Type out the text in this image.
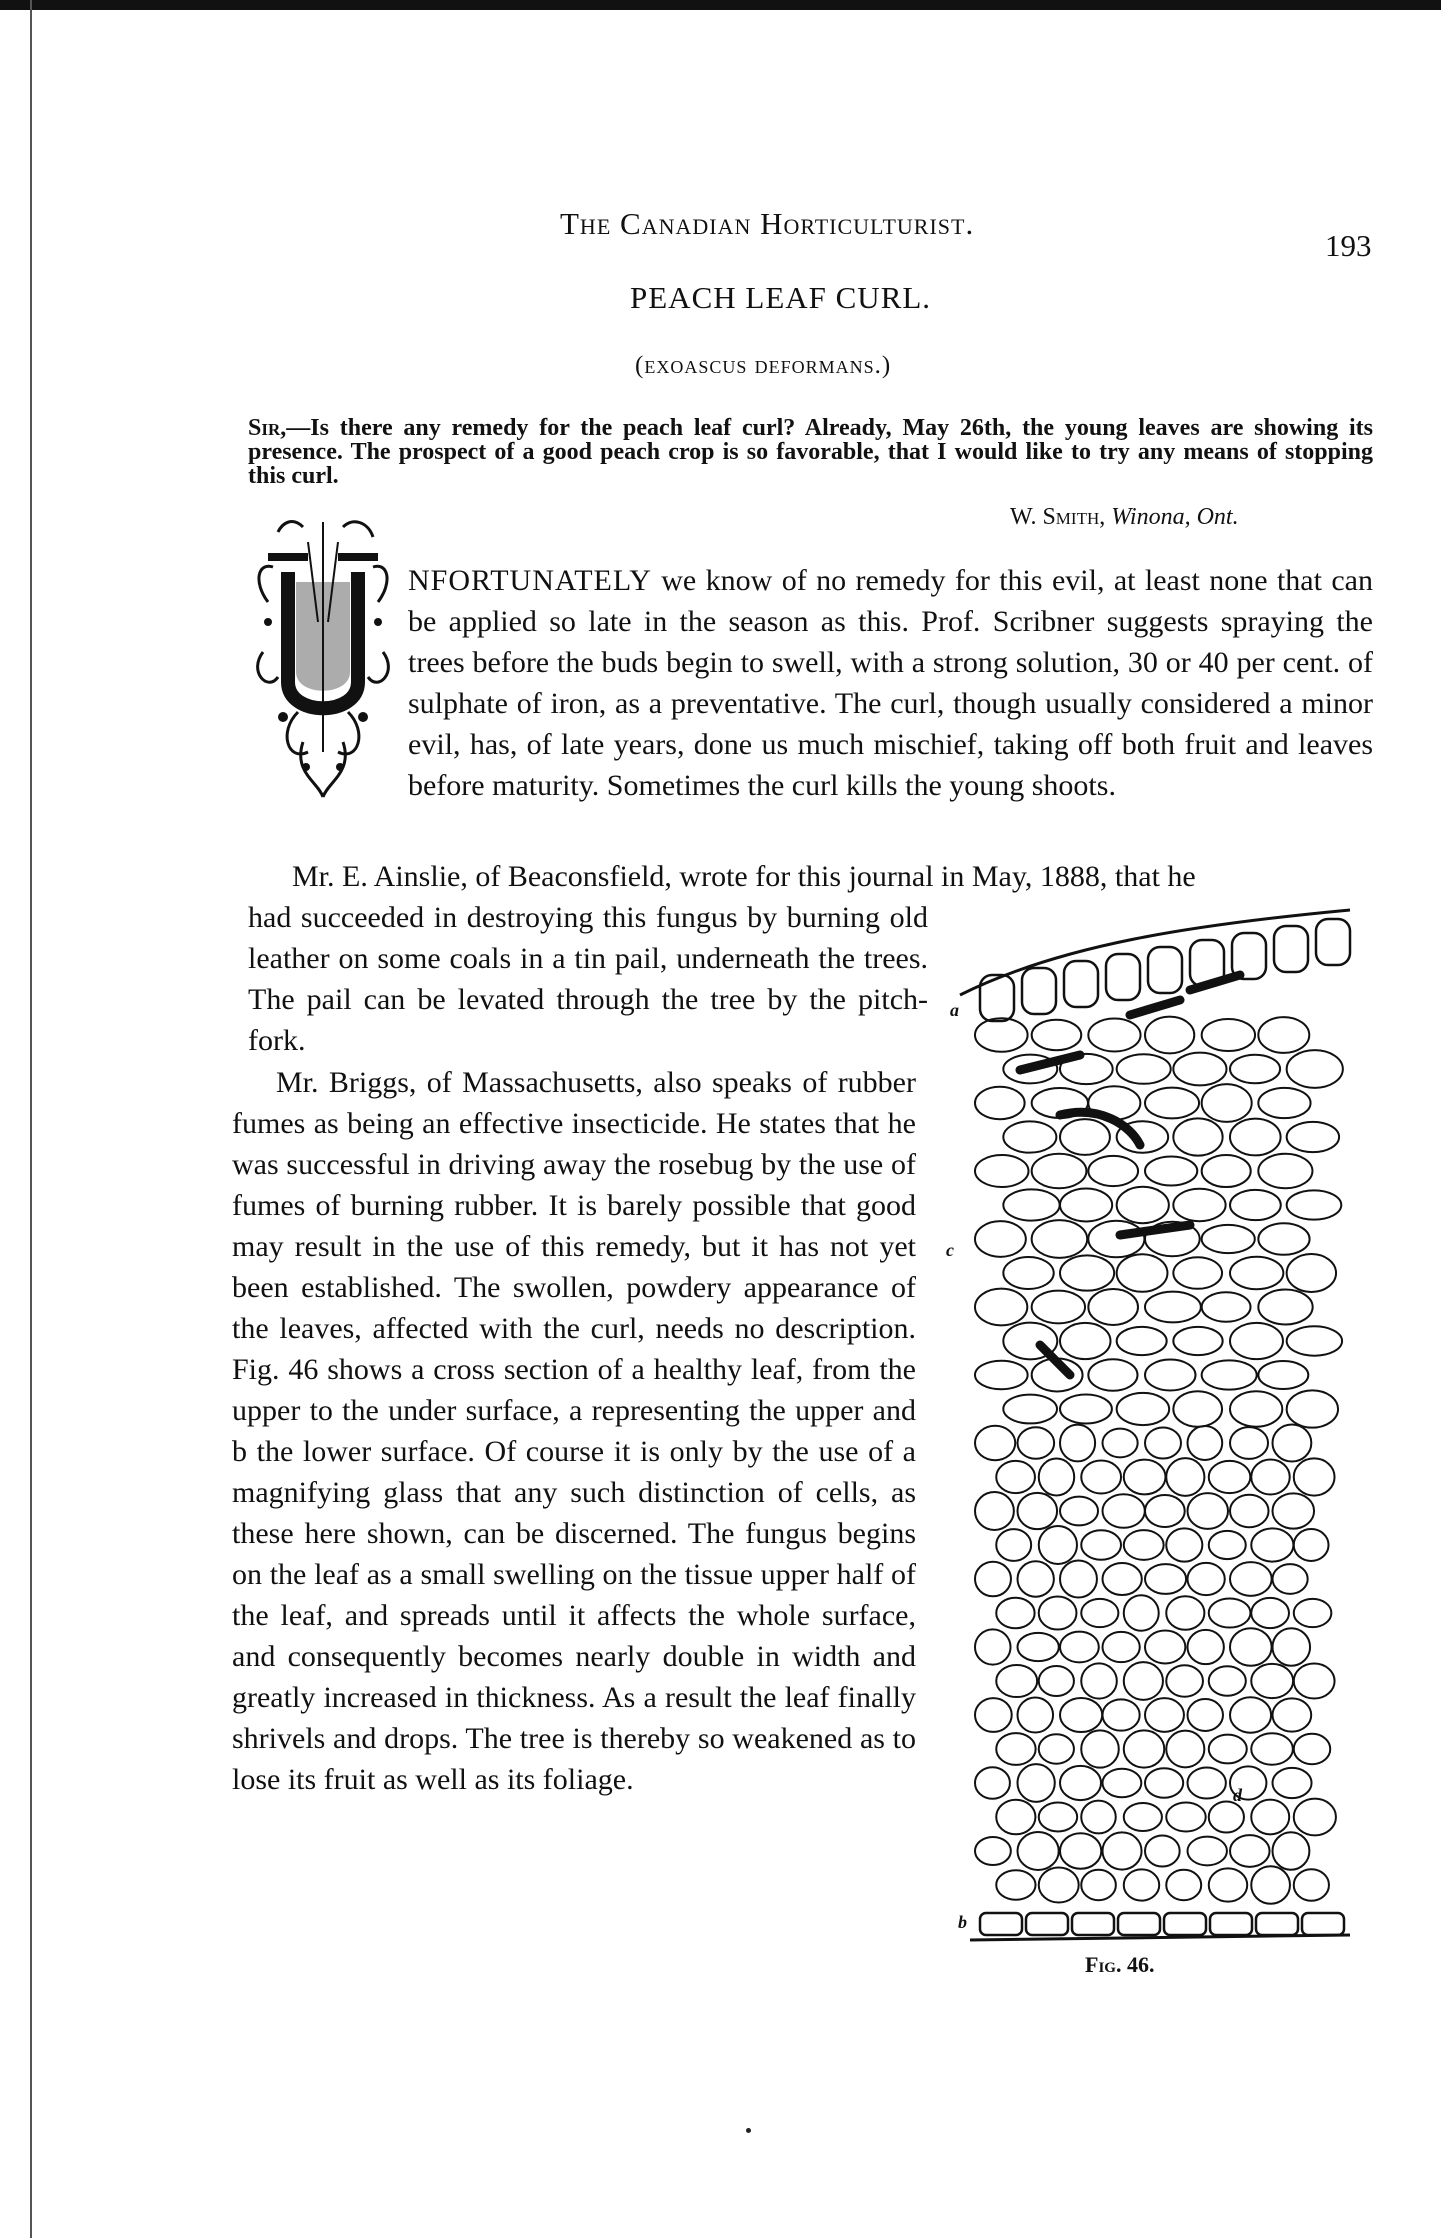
The Canadian Horticulturist.
193
PEACH LEAF CURL.
(exoascus deformans.)
Sir,—Is there any remedy for the peach leaf curl? Already, May 26th, the young leaves are showing its presence. The prospect of a good peach crop is so favorable, that I would like to try any means of stopping this curl.
W. Smith, Winona, Ont.
NFORTUNATELY we know of no remedy for this evil, at least none that can be applied so late in the season as this. Prof. Scribner suggests spraying the trees before the buds begin to swell, with a strong solution, 30 or 40 per cent. of sulphate of iron, as a preventative. The curl, though usually considered a minor evil, has, of late years, done us much mischief, taking off both fruit and leaves before maturity. Sometimes the curl kills the young shoots.
Mr. E. Ainslie, of Beaconsfield, wrote for this journal in May, 1888, that he
had succeeded in destroying this fungus by burning old leather on some coals in a tin pail, underneath the trees. The pail can be levated through the tree by the pitch-fork.
Mr. Briggs, of Massachusetts, also speaks of rubber fumes as being an effective insecticide. He states that he was successful in driving away the rosebug by the use of fumes of burning rubber. It is barely possible that good may result in the use of this remedy, but it has not yet been established. The swollen, powdery appearance of the leaves, affected with the curl, needs no description. Fig. 46 shows a cross section of a healthy leaf, from the upper to the under surface, a representing the upper and b the lower surface. Of course it is only by the use of a magnifying glass that any such distinction of cells, as these here shown, can be discerned. The fungus begins on the leaf as a small swelling on the tissue upper half of the leaf, and spreads until it affects the whole surface, and consequently becomes nearly double in width and greatly increased in thickness. As a result the leaf finally shrivels and drops. The tree is thereby so weakened as to lose its fruit as well as its foliage.
a
c
d
b
Fig. 46.
